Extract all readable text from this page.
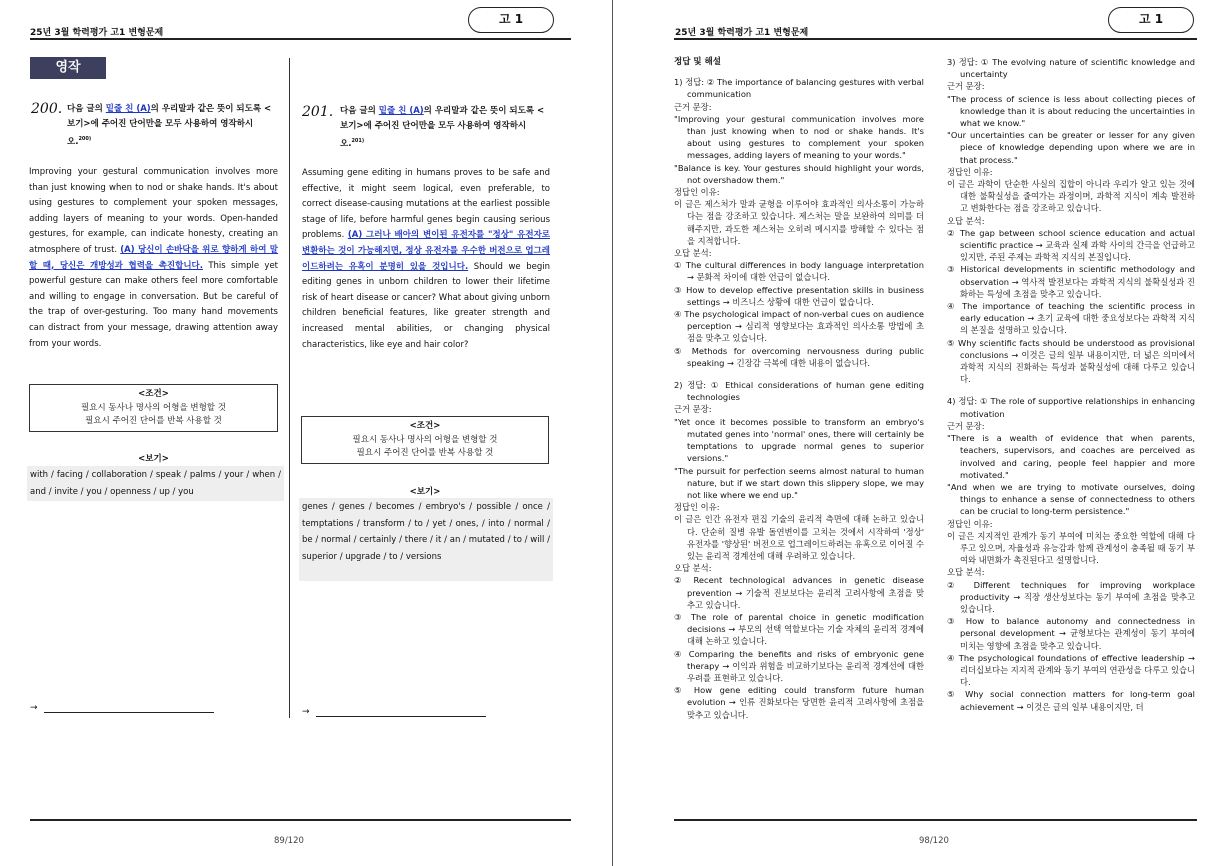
25년 3월 학력평가 고1 변형문제
고 1
영작
200. 다음 글의 밑줄 친 (A)의 우리말과 같은 뜻이 되도록 <보기>에 주어진 단어만을 모두 사용하여 영작하시오.$^{200)}$
Improving your gestural communication involves more than just knowing when to nod or shake hands. It's about using gestures to complement your spoken messages, adding layers of meaning to your words. Open-handed gestures, for example, can indicate honesty, creating an atmosphere of trust. (A) 당신이 손바닥을 위로 향하게 하여 말할 때, 당신은 개방성과 협력을 촉진합니다. This simple yet powerful gesture can make others feel more comfortable and willing to engage in conversation. But be careful of the trap of over-gesturing. Too many hand movements can distract from your message, drawing attention away from your words.
<조건>
필요시 동사나 명사의 어형을 변형할 것
필요시 주어진 단어를 반복 사용할 것
<보기>
with / facing / collaboration / speak / palms / your / when / and / invite / you / openness / up / you
→
201. 다음 글의 밑줄 친 (A)의 우리말과 같은 뜻이 되도록 <보기>에 주어진 단어만을 모두 사용하여 영작하시오.$^{201)}$
Assuming gene editing in humans proves to be safe and effective, it might seem logical, even preferable, to correct disease-causing mutations at the earliest possible stage of life, before harmful genes begin causing serious problems. (A) 그러나 배아의 변이된 유전자를 "정상" 유전자로 변환하는 것이 가능해지면, 정상 유전자를 우수한 버전으로 업그레이드하려는 유혹이 분명히 있을 것입니다. Should we begin editing genes in unborn children to lower their lifetime risk of heart disease or cancer? What about giving unborn children beneficial features, like greater strength and increased mental abilities, or changing physical characteristics, like eye and hair color?
<조건>
필요시 동사나 명사의 어형을 변형할 것
필요시 주어진 단어를 반복 사용할 것
<보기>
genes / genes / becomes / embryo's / possible / once / temptations / transform / to / yet / ones, / into / normal / be / normal / certainly / there / it / an / mutated / to / will / superior / upgrade / to / versions
→
89/120
25년 3월 학력평가 고1 변형문제
고 1
정답 및 해설
1) 정답: ② The importance of balancing gestures with verbal communication
근거 문장:
"Improving your gestural communication involves more than just knowing when to nod or shake hands. It's about using gestures to complement your spoken messages, adding layers of meaning to your words."
"Balance is key. Your gestures should highlight your words, not overshadow them."
정답인 이유:
이 글은 제스처가 말과 균형을 이루어야 효과적인 의사소통이 가능하다는 점을 강조하고 있습니다. 제스처는 말을 보완하여 의미를 더해주지만, 과도한 제스처는 오히려 메시지를 방해할 수 있다는 점을 지적합니다.
오답 분석:
① The cultural differences in body language interpretation → 문화적 차이에 대한 언급이 없습니다.
③ How to develop effective presentation skills in business settings → 비즈니스 상황에 대한 언급이 없습니다.
④ The psychological impact of non-verbal cues on audience perception → 심리적 영향보다는 효과적인 의사소통 방법에 초점을 맞추고 있습니다.
⑤ Methods for overcoming nervousness during public speaking → 긴장감 극복에 대한 내용이 없습니다.
2) 정답: ① Ethical considerations of human gene editing technologies
근거 문장:
"Yet once it becomes possible to transform an embryo's mutated genes into 'normal' ones, there will certainly be temptations to upgrade normal genes to superior versions."
"The pursuit for perfection seems almost natural to human nature, but if we start down this slippery slope, we may not like where we end up."
정답인 이유:
이 글은 인간 유전자 편집 기술의 윤리적 측면에 대해 논하고 있습니다. 단순히 질병 유발 돌연변이를 고치는 것에서 시작하여 '정상' 유전자를 '향상된' 버전으로 업그레이드하려는 유혹으로 이어질 수 있는 윤리적 경계선에 대해 우려하고 있습니다.
오답 분석:
② Recent technological advances in genetic disease prevention → 기술적 진보보다는 윤리적 고려사항에 초점을 맞추고 있습니다.
③ The role of parental choice in genetic modification decisions → 부모의 선택 역할보다는 기술 자체의 윤리적 경계에 대해 논하고 있습니다.
④ Comparing the benefits and risks of embryonic gene therapy → 이익과 위험을 비교하기보다는 윤리적 경계선에 대한 우려를 표현하고 있습니다.
⑤ How gene editing could transform future human evolution → 인류 진화보다는 당면한 윤리적 고려사항에 초점을 맞추고 있습니다.
3) 정답: ① The evolving nature of scientific knowledge and uncertainty
근거 문장:
"The process of science is less about collecting pieces of knowledge than it is about reducing the uncertainties in what we know."
"Our uncertainties can be greater or lesser for any given piece of knowledge depending upon where we are in that process."
정답인 이유:
이 글은 과학이 단순한 사실의 집합이 아니라 우리가 알고 있는 것에 대한 불확실성을 줄여가는 과정이며, 과학적 지식이 계속 발전하고 변화한다는 점을 강조하고 있습니다.
오답 분석:
② The gap between school science education and actual scientific practice → 교육과 실제 과학 사이의 간극을 언급하고 있지만, 주된 주제는 과학적 지식의 본질입니다.
③ Historical developments in scientific methodology and observation → 역사적 발전보다는 과학적 지식의 불확실성과 진화하는 특성에 초점을 맞추고 있습니다.
④ The importance of teaching the scientific process in early education → 초기 교육에 대한 중요성보다는 과학적 지식의 본질을 설명하고 있습니다.
⑤ Why scientific facts should be understood as provisional conclusions → 이것은 글의 일부 내용이지만, 더 넓은 의미에서 과학적 지식의 진화하는 특성과 불확실성에 대해 다루고 있습니다.
4) 정답: ① The role of supportive relationships in enhancing motivation
근거 문장:
"There is a wealth of evidence that when parents, teachers, supervisors, and coaches are perceived as involved and caring, people feel happier and more motivated."
"And when we are trying to motivate ourselves, doing things to enhance a sense of connectedness to others can be crucial to long-term persistence."
정답인 이유:
이 글은 지지적인 관계가 동기 부여에 미치는 중요한 역할에 대해 다루고 있으며, 자율성과 유능감과 함께 관계성이 충족될 때 동기 부여와 내면화가 촉진된다고 설명합니다.
오답 분석:
② Different techniques for improving workplace productivity → 직장 생산성보다는 동기 부여에 초점을 맞추고 있습니다.
③ How to balance autonomy and connectedness in personal development → 균형보다는 관계성이 동기 부여에 미치는 영향에 초점을 맞추고 있습니다.
④ The psychological foundations of effective leadership → 리더십보다는 지지적 관계와 동기 부여의 연관성을 다루고 있습니다.
⑤ Why social connection matters for long-term goal achievement → 이것은 글의 일부 내용이지만, 더
98/120
